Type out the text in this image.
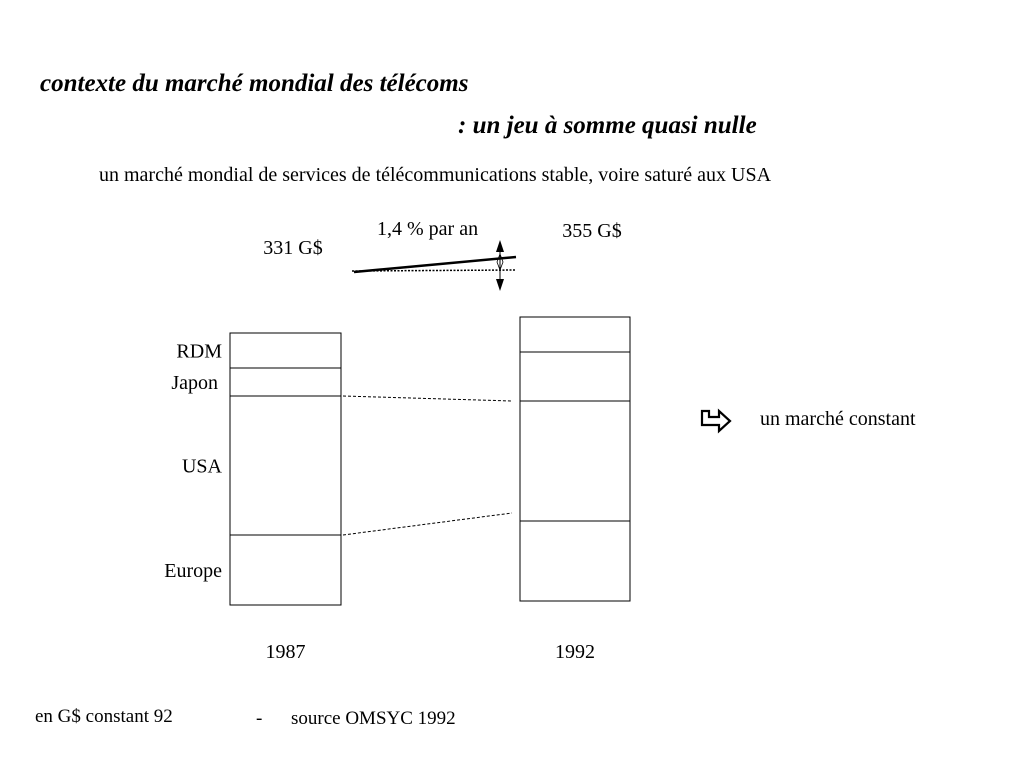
contexte du marché mondial des télécoms
: un jeu à somme quasi nulle
un marché mondial de services de télécommunications stable, voire saturé aux USA
1987	1992
331 G$
355 G$
Europe
USA
Japon
RDM
1,4 % par an
un marché constant
en G$ constant 92	- source OMSYC 1992
